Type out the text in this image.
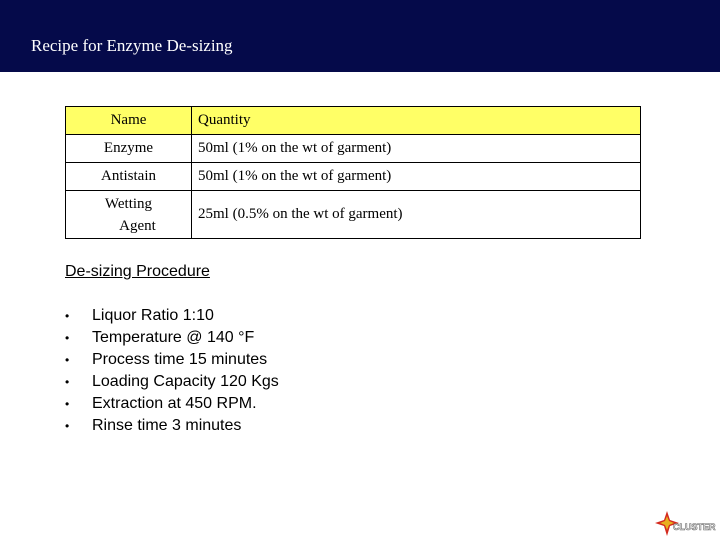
Recipe for Enzyme De-sizing
Name	Quantity
Enzyme	50ml (1% on the wt of garment)
Antistain	50ml (1% on the wt of garment)
Wetting
Agent	25ml (0.5% on the wt of garment)
De-sizing Procedure
• Liquor Ratio 1:10
• Temperature @ 140 °F
• Process time 15 minutes
• Loading Capacity 120 Kgs
• Extraction at 450 RPM.
• Rinse time 3 minutes
CLUSTER
